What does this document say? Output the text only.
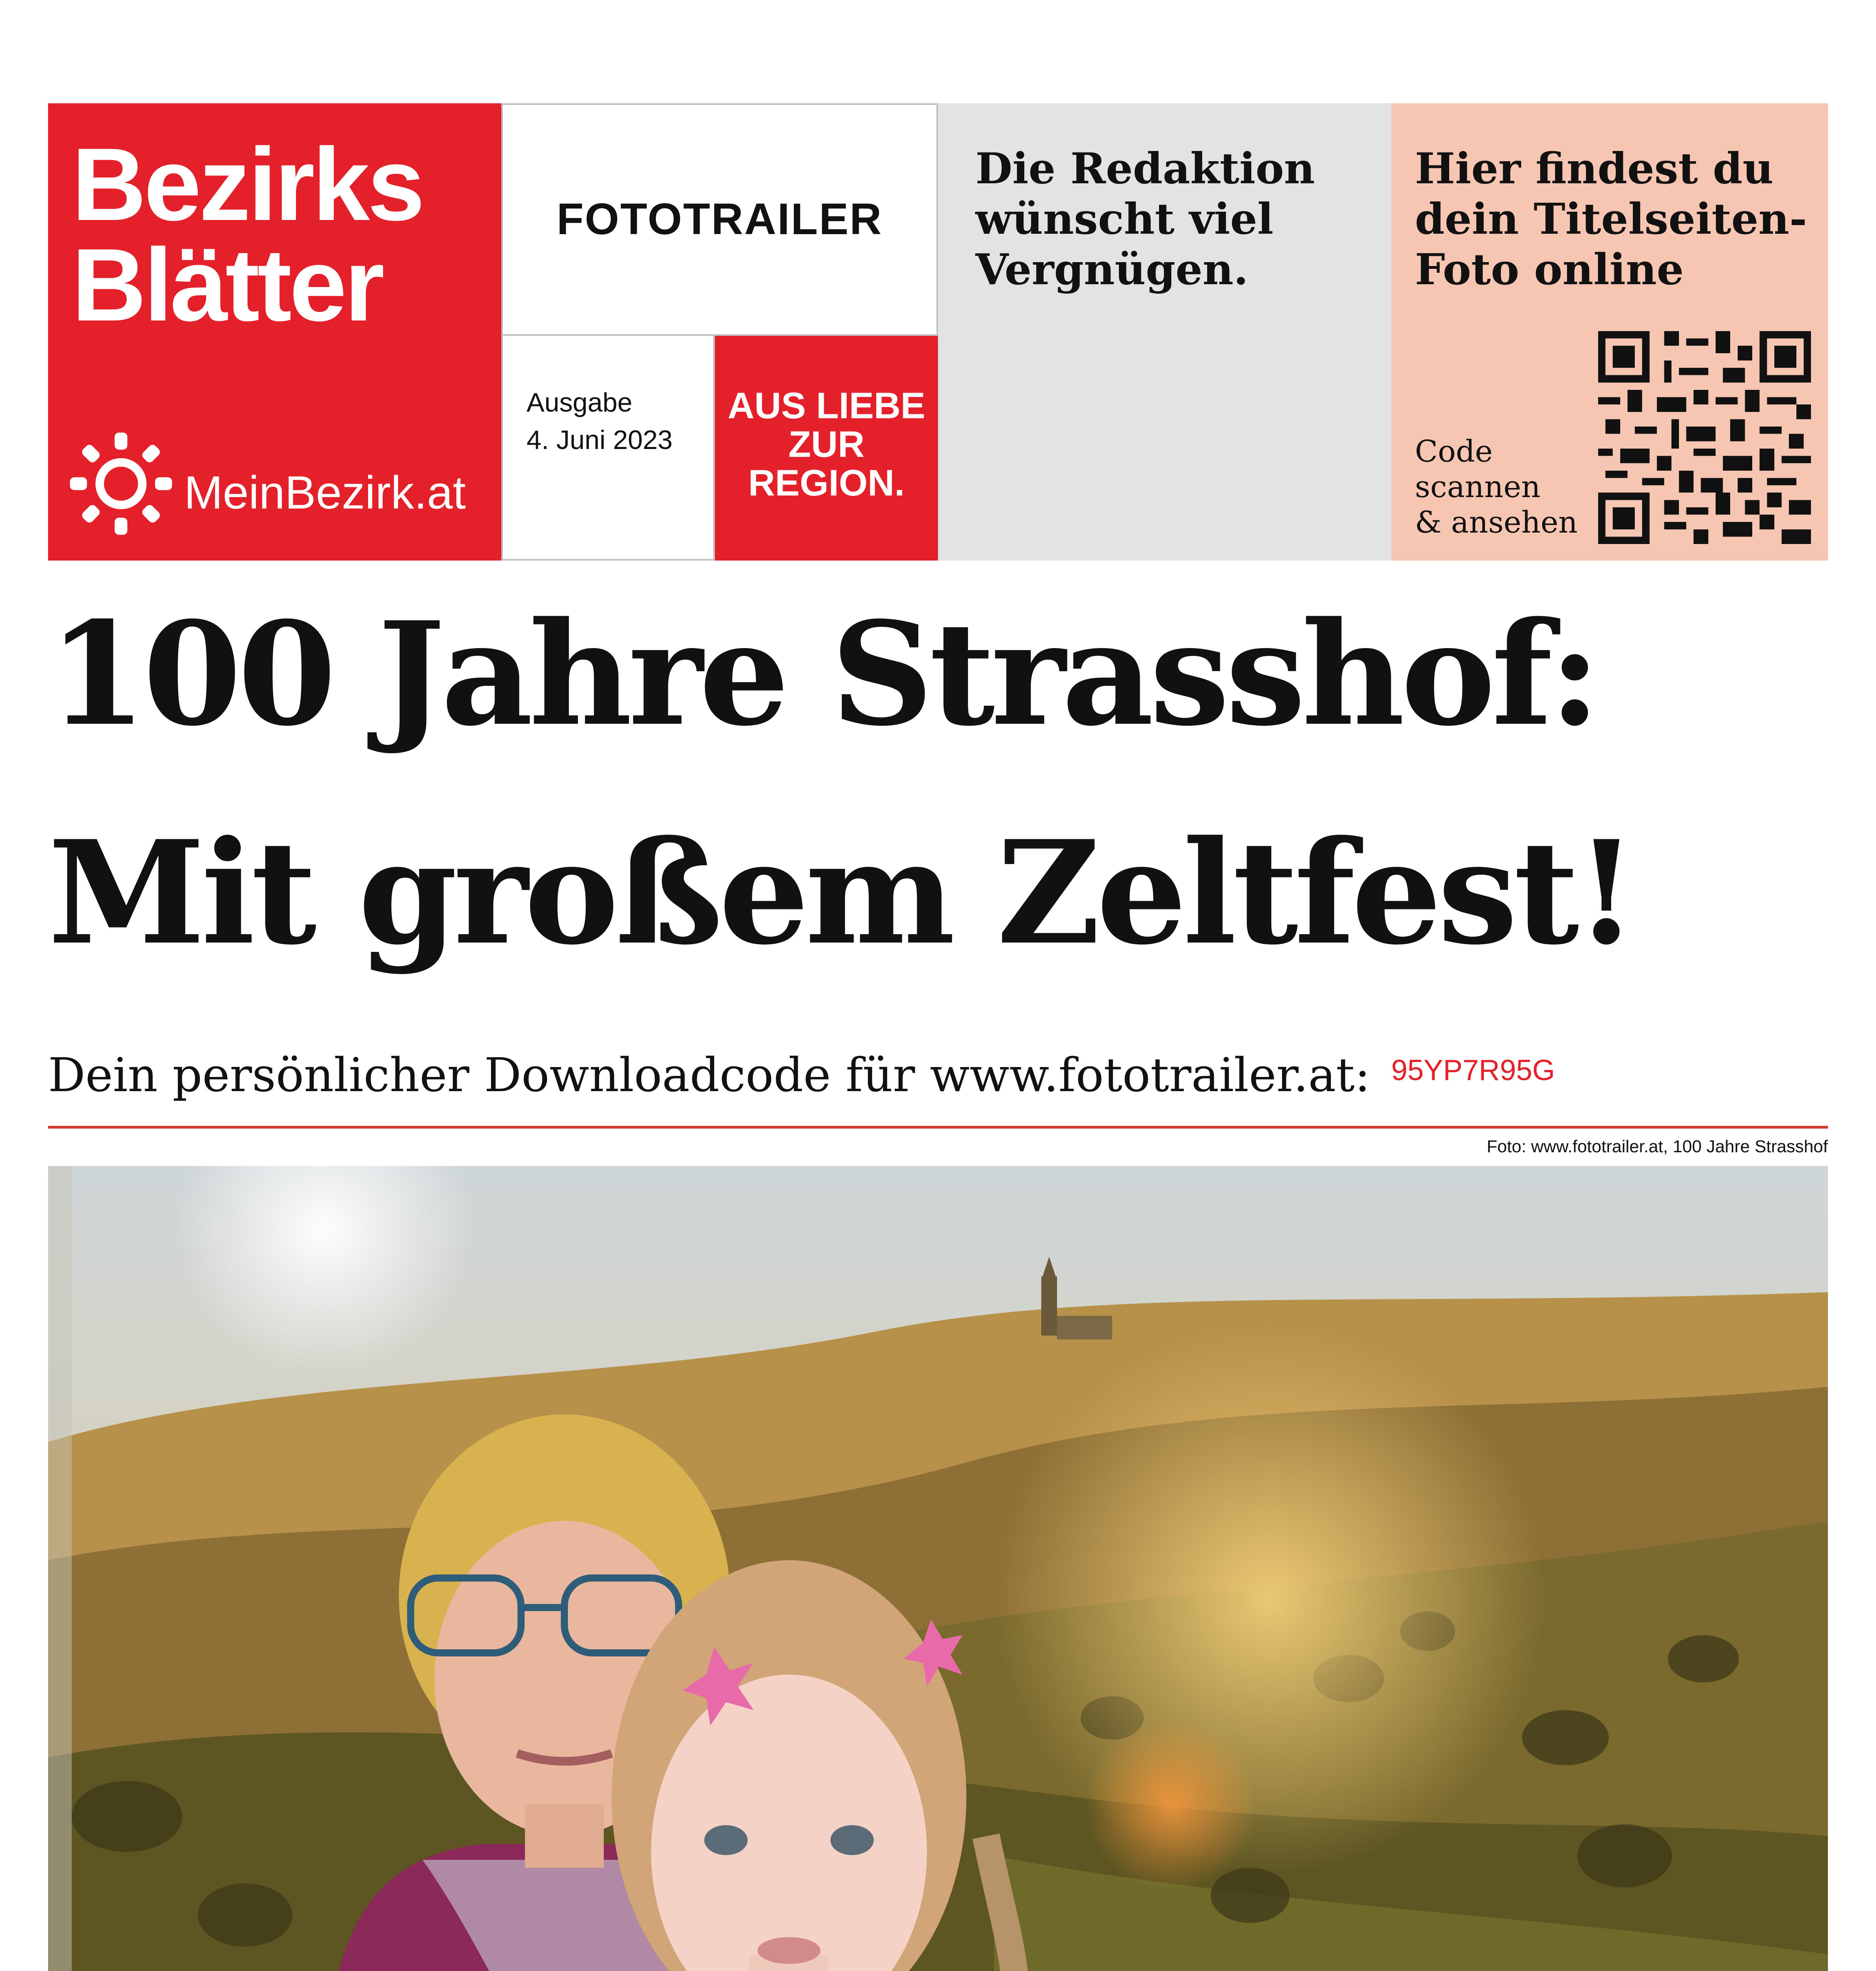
Bezirks
Blätter
MeinBezirk.at
FOTOTRAILER
Ausgabe
4. Juni 2023
AUS LIEBE
ZUR
REGION.
Die Redaktion
wünscht viel
Vergnügen.
Hier findest du
dein Titelseiten-
Foto online
Code
scannen
& ansehen
100 Jahre Strasshof:
Mit großem Zeltfest!
Dein persönlicher Downloadcode für www.fototrailer.at: 95YP7R95G
Foto: www.fototrailer.at, 100 Jahre Strasshof
